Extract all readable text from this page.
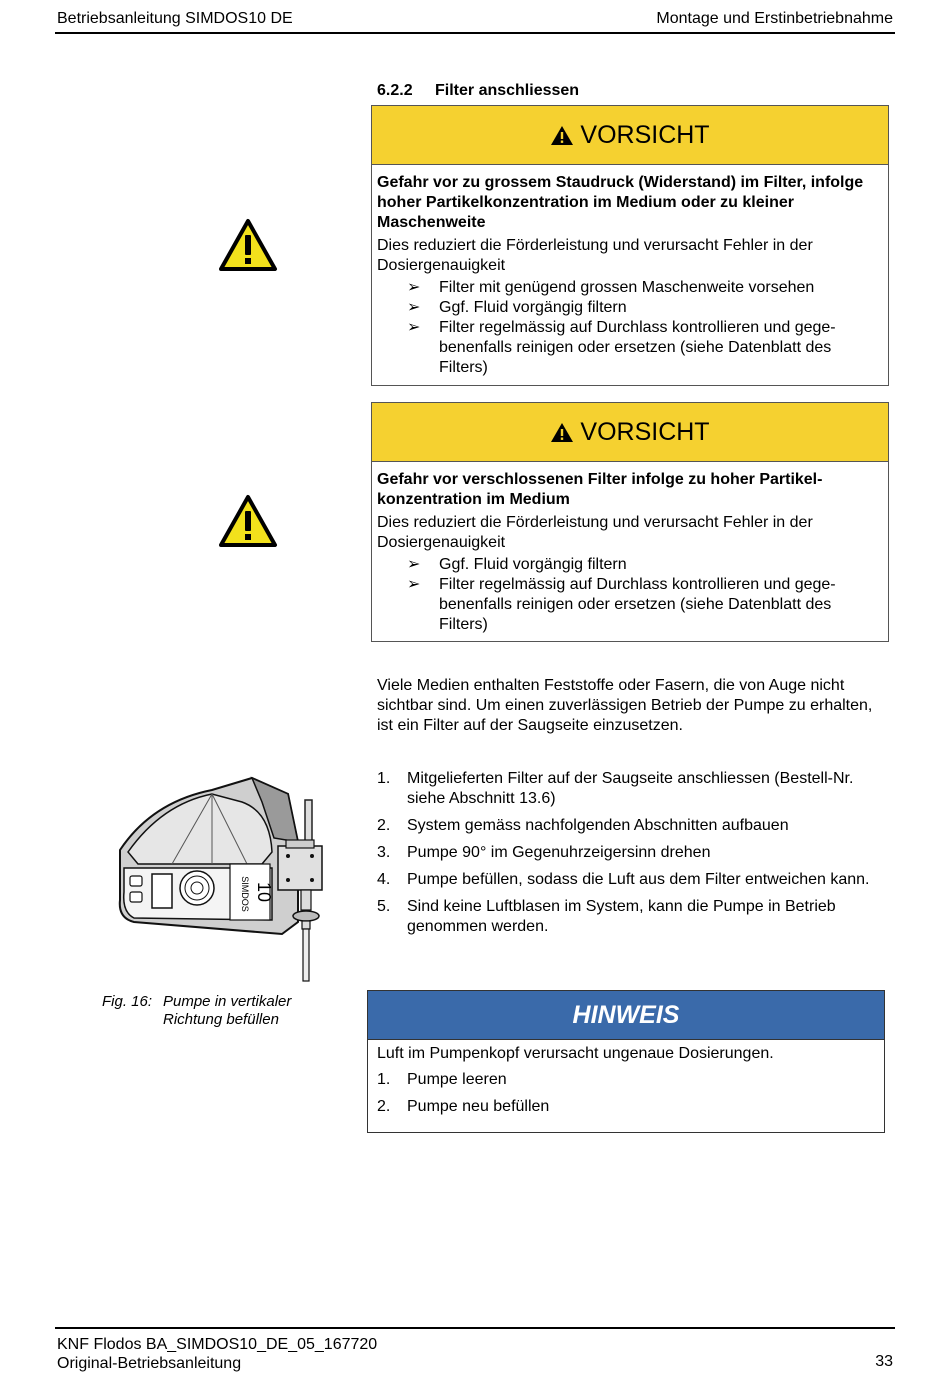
Betriebsanleitung SIMDOS10 DE	Montage und Erstinbetriebnahme
6.2.2 Filter anschliessen
VORSICHT
Gefahr vor zu grossem Staudruck (Widerstand) im Filter, infolge hoher Partikelkonzentration im Medium oder zu kleiner Maschenweite
Dies reduziert die Förderleistung und verursacht Fehler in der Dosiergenauigkeit
➢ Filter mit genügend grossen Maschenweite vorsehen
➢ Ggf. Fluid vorgängig filtern
➢ Filter regelmässig auf Durchlass kontrollieren und gege-benenfalls reinigen oder ersetzen (siehe Datenblatt des Filters)
VORSICHT
Gefahr vor verschlossenen Filter infolge zu hoher Partikel-konzentration im Medium
Dies reduziert die Förderleistung und verursacht Fehler in der Dosiergenauigkeit
➢ Ggf. Fluid vorgängig filtern
➢ Filter regelmässig auf Durchlass kontrollieren und gege-benenfalls reinigen oder ersetzen (siehe Datenblatt des Filters)
Viele Medien enthalten Feststoffe oder Fasern, die von Auge nicht sichtbar sind. Um einen zuverlässigen Betrieb der Pumpe zu erhalten, ist ein Filter auf der Saugseite einzusetzen.
SIMDOS 10
Fig. 16: Pumpe in vertikaler
Richtung befüllen
1. Mitgelieferten Filter auf der Saugseite anschliessen (Bestell-Nr. siehe Abschnitt 13.6)
2. System gemäss nachfolgenden Abschnitten aufbauen
3. Pumpe 90° im Gegenuhrzeigersinn drehen
4. Pumpe befüllen, sodass die Luft aus dem Filter entweichen kann.
5. Sind keine Luftblasen im System, kann die Pumpe in Betrieb genommen werden.
HINWEIS
Luft im Pumpenkopf verursacht ungenaue Dosierungen.
1. Pumpe leeren
2. Pumpe neu befüllen
KNF Flodos BA_SIMDOS10_DE_05_167720
Original-Betriebsanleitung	33
